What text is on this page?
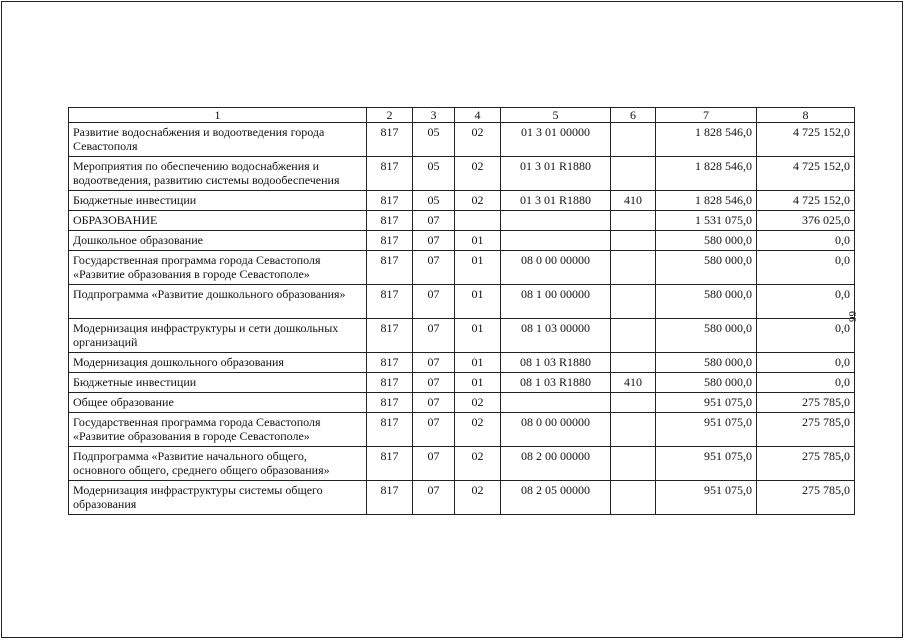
66
1	2	3	4	5	6	7	8
Развитие водоснабжения и водоотведения города Севастополя	817	05	02	01 3 01 00000		1 828 546,0	4 725 152,0
Мероприятия по обеспечению водоснабжения и водоотведения, развитию системы водообеспечения	817	05	02	01 3 01 R1880		1 828 546,0	4 725 152,0
Бюджетные инвестиции	817	05	02	01 3 01 R1880	410	1 828 546,0	4 725 152,0
ОБРАЗОВАНИЕ	817	07				1 531 075,0	376 025,0
Дошкольное образование	817	07	01			580 000,0	0,0
Государственная программа города Севастополя «Развитие образования в городе Севастополе»	817	07	01	08 0 00 00000		580 000,0	0,0
Подпрограмма «Развитие дошкольного образования»	817	07	01	08 1 00 00000		580 000,0	0,0
Модернизация инфраструктуры и сети дошкольных организаций	817	07	01	08 1 03 00000		580 000,0	0,0
Модернизация дошкольного образования	817	07	01	08 1 03 R1880		580 000,0	0,0
Бюджетные инвестиции	817	07	01	08 1 03 R1880	410	580 000,0	0,0
Общее образование	817	07	02			951 075,0	275 785,0
Государственная программа города Севастополя «Развитие образования в городе Севастополе»	817	07	02	08 0 00 00000		951 075,0	275 785,0
Подпрограмма «Развитие начального общего, основного общего, среднего общего образования»	817	07	02	08 2 00 00000		951 075,0	275 785,0
Модернизация инфраструктуры системы общего образования	817	07	02	08 2 05 00000		951 075,0	275 785,0
